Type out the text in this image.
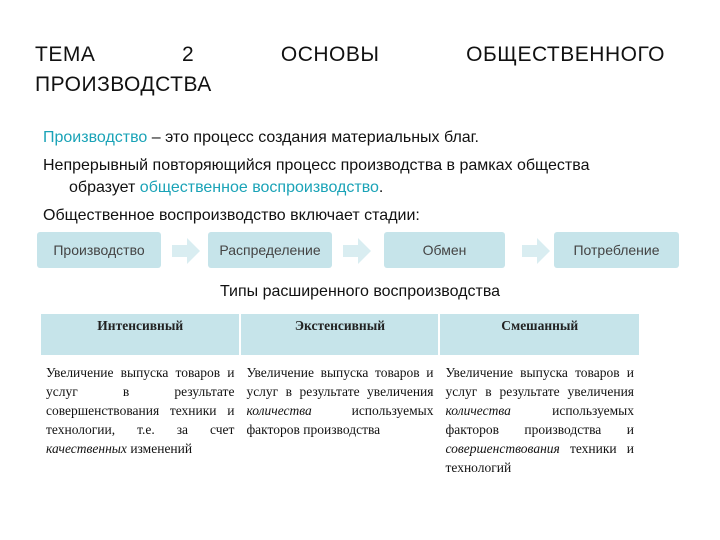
ТЕМА	2	ОСНОВЫ	ОБЩЕСТВЕННОГО
ПРОИЗВОДСТВА
Производство – это процесс создания материальных благ.
Непрерывный повторяющийся процесс производства в рамках общества
образует общественное воспроизводство.
Общественное воспроизводство включает стадии:
Производство	Распределение	Обмен	Потребление
Типы расширенного воспроизводства
Интенсивный	Экстенсивный	Смешанный

Увеличение выпуска товаров и услуг в результате совершенствования техники и технологии, т.е. за счет качественных изменений	Увеличение выпуска товаров и услуг в результате увеличения количества используемых факторов производства	Увеличение выпуска товаров и услуг в результате увеличения количества используемых факторов производства и совершенствования техники и технологий
